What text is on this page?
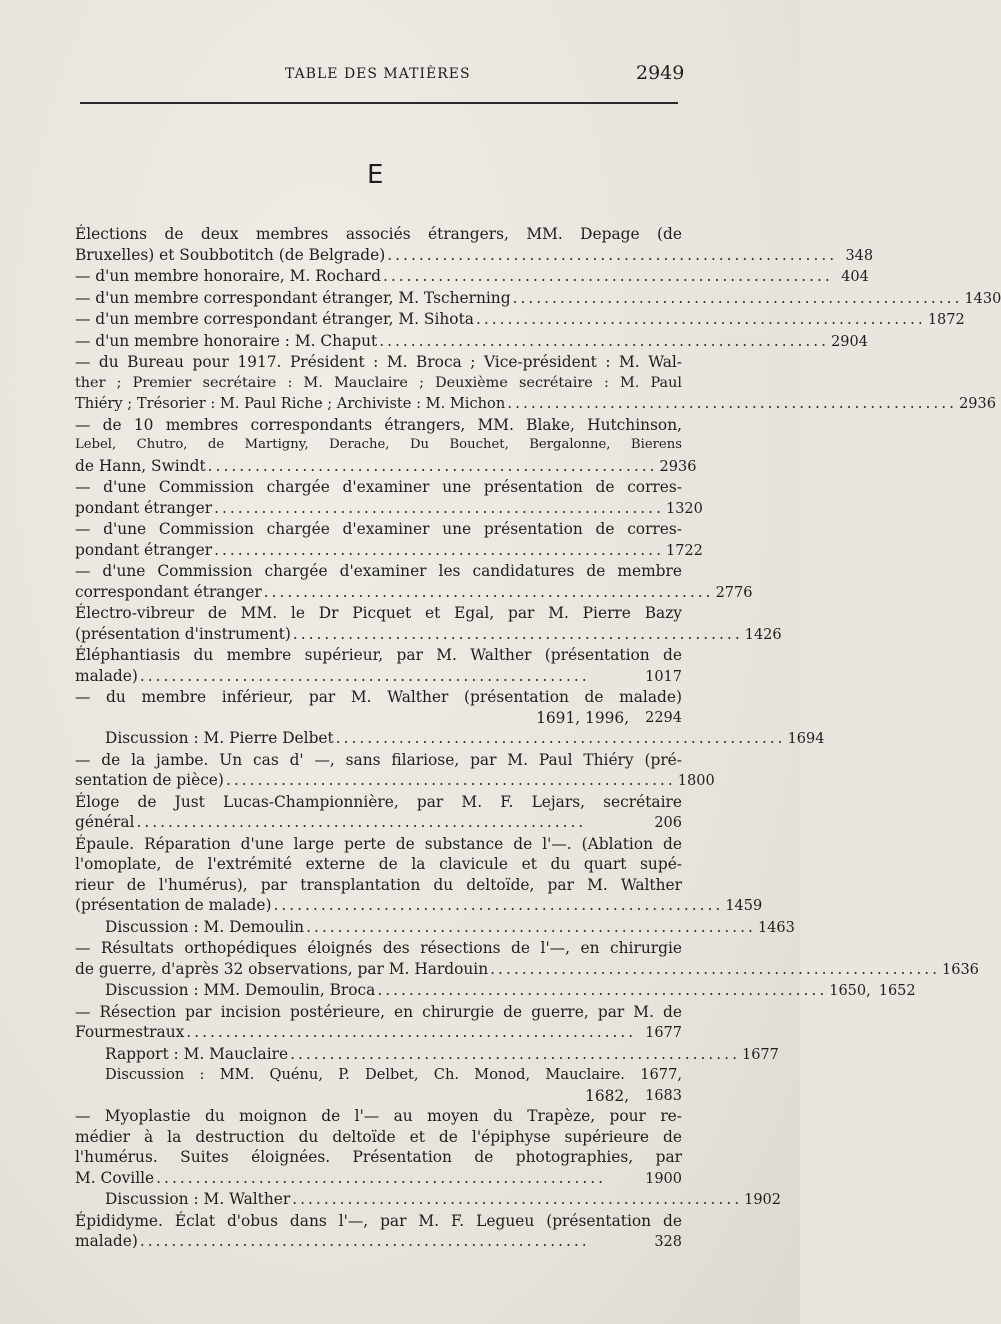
TABLE DES MATIÈRES	2949
E
Élections de deux membres associés étrangers, MM. Depage (de
Bruxelles) et Soubbotitch (de Belgrade) ......................................................... 348
— d'un membre honoraire, M. Rochard ......................................................... 404
— d'un membre correspondant étranger, M. Tscherning ......................................................... 1430
— d'un membre correspondant étranger, M. Sihota ......................................................... 1872
— d'un membre honoraire : M. Chaput ......................................................... 2904
— du Bureau pour 1917. Président : M. Broca ; Vice-président : M. Wal-
ther ; Premier secrétaire : M. Mauclaire ; Deuxième secrétaire : M. Paul
Thiéry ; Trésorier : M. Paul Riche ; Archiviste : M. Michon ......................................................... 2936
— de 10 membres correspondants étrangers, MM. Blake, Hutchinson,
Lebel, Chutro, de Martigny, Derache, Du Bouchet, Bergalonne, Bierens
de Hann, Swindt ......................................................... 2936
— d'une Commission chargée d'examiner une présentation de corres-
pondant étranger ......................................................... 1320
— d'une Commission chargée d'examiner une présentation de corres-
pondant étranger ......................................................... 1722
— d'une Commission chargée d'examiner les candidatures de membre
correspondant étranger ......................................................... 2776
Électro-vibreur de MM. le Dr Picquet et Egal, par M. Pierre Bazy
(présentation d'instrument) ......................................................... 1426
Éléphantiasis du membre supérieur, par M. Walther (présentation de
malade) .........................................................	1017
— du membre inférieur, par M. Walther (présentation de malade)
1691, 1996, 2294
Discussion : M. Pierre Delbet ......................................................... 1694
— de la jambe. Un cas d' —, sans filariose, par M. Paul Thiéry (pré-
sentation de pièce) ......................................................... 1800
Éloge de Just Lucas-Championnière, par M. F. Lejars, secrétaire
général .........................................................	206
Épaule. Réparation d'une large perte de substance de l'—. (Ablation de
l'omoplate, de l'extrémité externe de la clavicule et du quart supé-
rieur de l'humérus), par transplantation du deltoïde, par M. Walther
(présentation de malade) ......................................................... 1459
Discussion : M. Demoulin ......................................................... 1463
— Résultats orthopédiques éloignés des résections de l'—, en chirurgie
de guerre, d'après 32 observations, par M. Hardouin ......................................................... 1636
Discussion : MM. Demoulin, Broca ......................................................... 1650, 1652
— Résection par incision postérieure, en chirurgie de guerre, par M. de
Fourmestraux ......................................................... 1677
Rapport : M. Mauclaire ......................................................... 1677
Discussion : MM. Quénu, P. Delbet, Ch. Monod, Mauclaire. 1677,
1682, 1683
— Myoplastie du moignon de l'— au moyen du Trapèze, pour re-
médier à la destruction du deltoïde et de l'épiphyse supérieure de
l'humérus. Suites éloignées. Présentation de photographies, par
M. Coville .........................................................	1900
Discussion : M. Walther ......................................................... 1902
Épididyme. Éclat d'obus dans l'—, par M. F. Legueu (présentation de
malade) .........................................................	328
